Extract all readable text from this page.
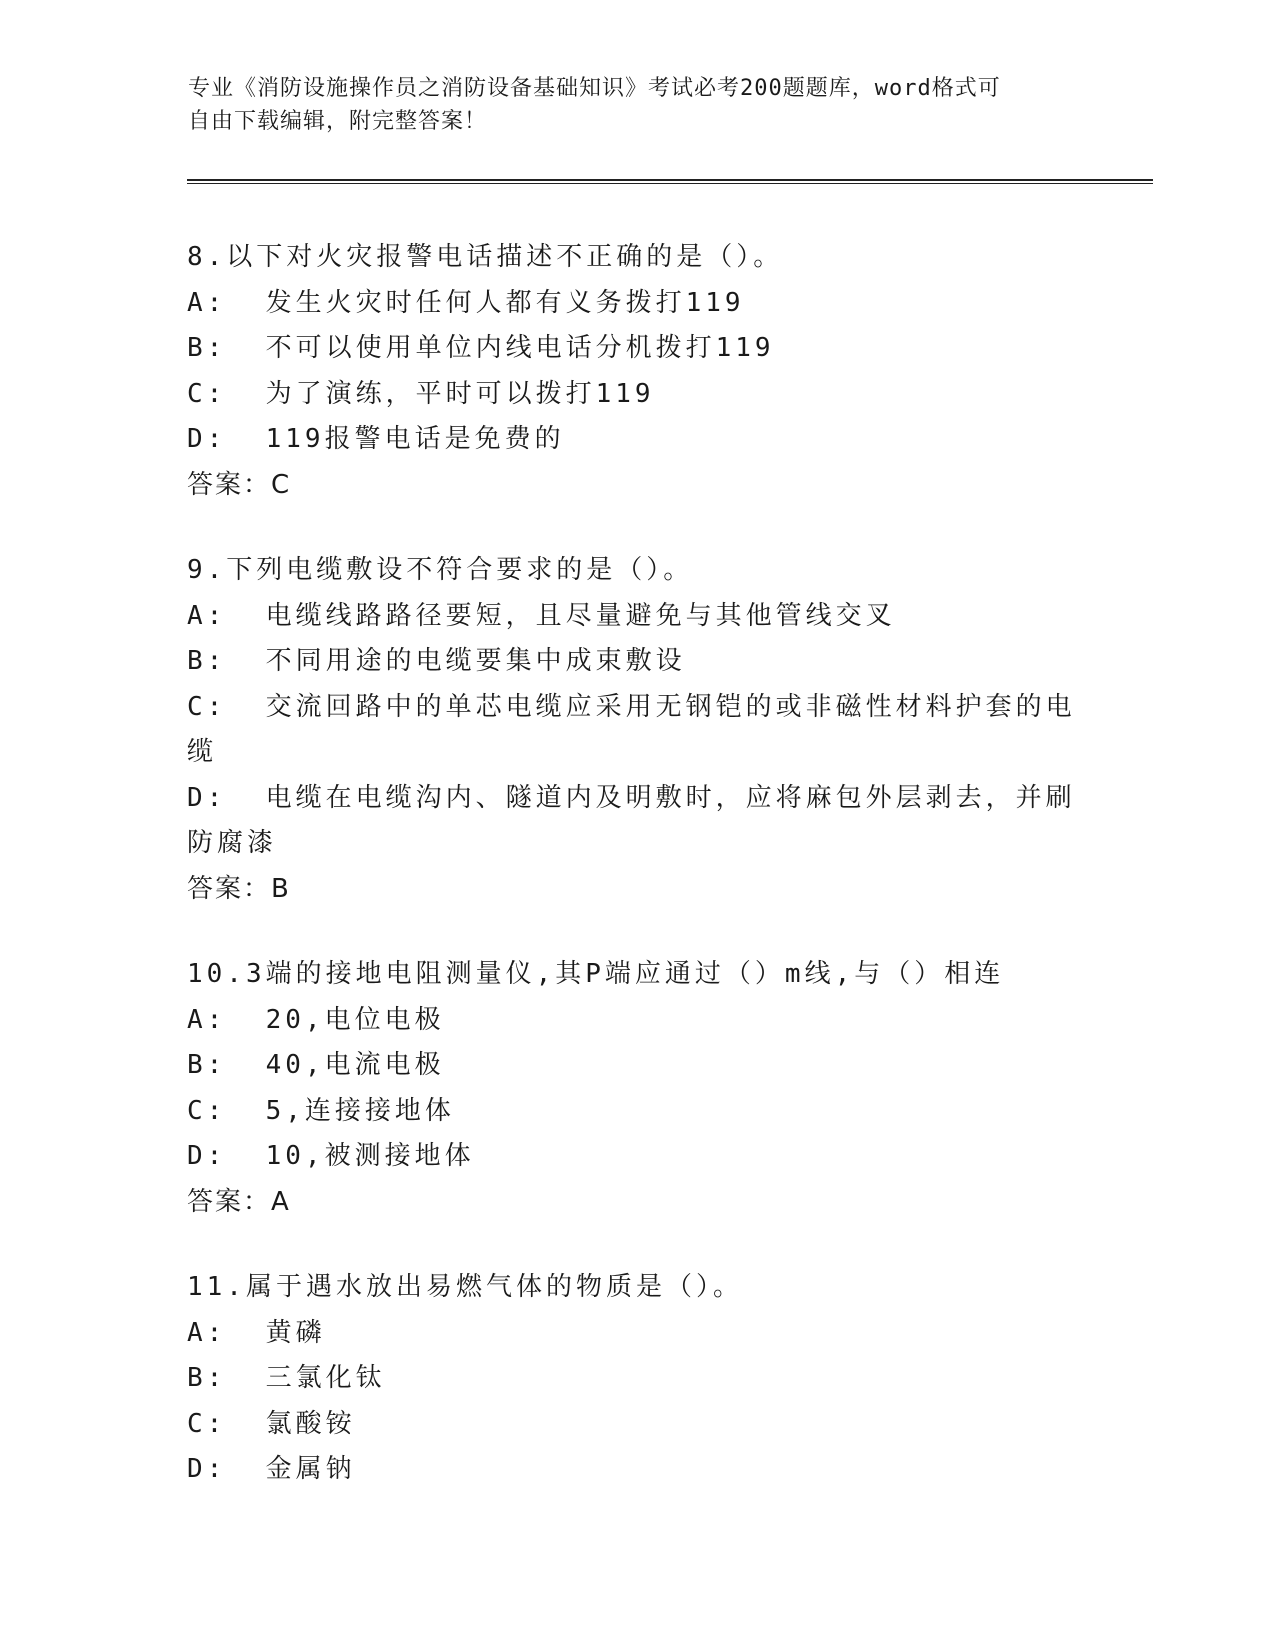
专业《消防设施操作员之消防设备基础知识》考试必考200题题库，word格式可
自由下载编辑，附完整答案！
8.以下对火灾报警电话描述不正确的是（）。
A:  发生火灾时任何人都有义务拨打119
B:  不可以使用单位内线电话分机拨打119
C:  为了演练，平时可以拨打119
D:  119报警电话是免费的
答案：C
9.下列电缆敷设不符合要求的是（）。
A:  电缆线路路径要短，且尽量避免与其他管线交叉
B:  不同用途的电缆要集中成束敷设
C:  交流回路中的单芯电缆应采用无钢铠的或非磁性材料护套的电缆
D:  电缆在电缆沟内、隧道内及明敷时，应将麻包外层剥去，并刷防腐漆
答案：B
10.3端的接地电阻测量仪,其P端应通过（）m线,与（）相连
A:  20,电位电极
B:  40,电流电极
C:  5,连接接地体
D:  10,被测接地体
答案：A
11.属于遇水放出易燃气体的物质是（）。
A:  黄磷
B:  三氯化钛
C:  氯酸铵
D:  金属钠
